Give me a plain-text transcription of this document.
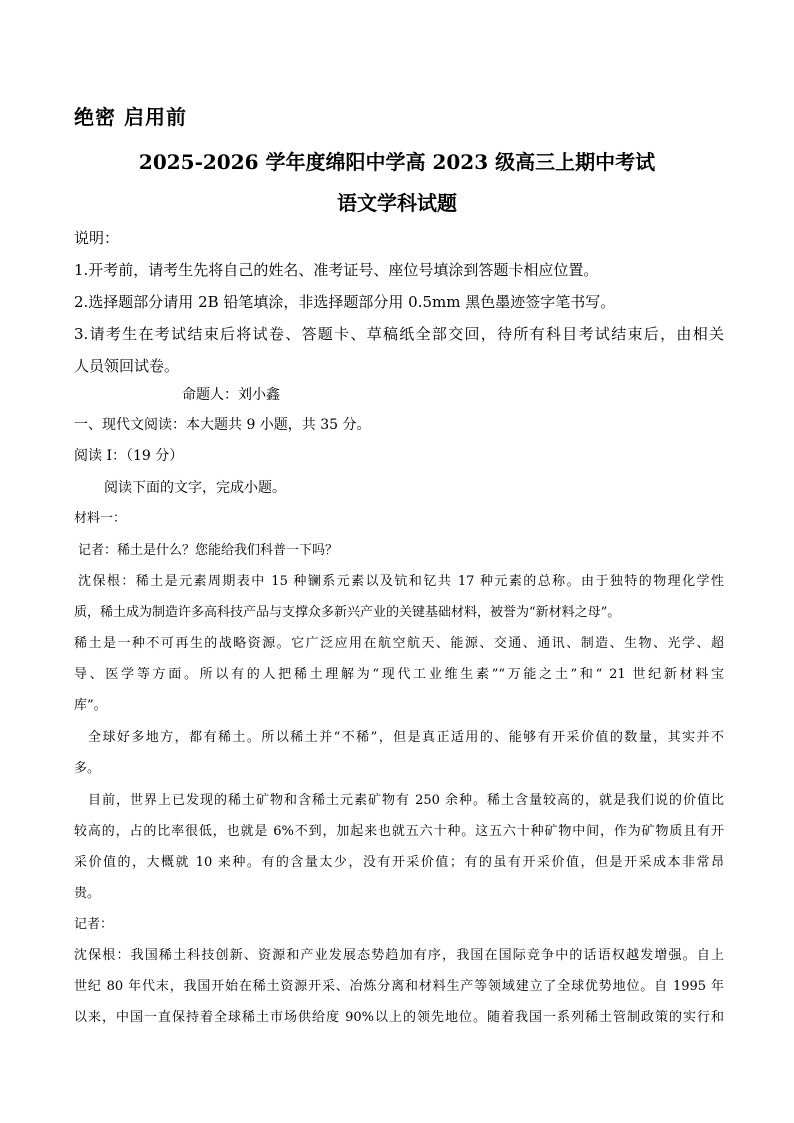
绝密 启用前
2025-2026 学年度绵阳中学高 2023 级高三上期中考试
语文学科试题
说明：
1.开考前，请考生先将自己的姓名、准考证号、座位号填涂到答题卡相应位置。
2.选择题部分请用 2B 铅笔填涂，非选择题部分用 0.5mm 黑色墨迹签字笔书写。
3.请考生在考试结束后将试卷、答题卡、草稿纸全部交回，待所有科目考试结束后，由相关
人员领回试卷。
命题人：刘小鑫
一、现代文阅读：本大题共 9 小题，共 35 分。
阅读 I：（19 分）
阅读下面的文字，完成小题。
材料一：
记者：稀土是什么？您能给我们科普一下吗？
沈保根：稀土是元素周期表中 15 种镧系元素以及钪和钇共 17 种元素的总称。由于独特的物理化学性
质，稀土成为制造许多高科技产品与支撑众多新兴产业的关键基础材料，被誉为“新材料之母”。
稀土是一种不可再生的战略资源。它广泛应用在航空航天、能源、交通、通讯、制造、生物、光学、超
导、医学等方面。所以有的人把稀土理解为“现代工业维生素”“万能之土”和“ 21 世纪新材料宝
库”。
全球好多地方，都有稀土。所以稀土并“不稀”，但是真正适用的、能够有开采价值的数量，其实并不
多。
目前，世界上已发现的稀土矿物和含稀土元素矿物有 250 余种。稀土含量较高的，就是我们说的价值比
较高的，占的比率很低，也就是 6%不到，加起来也就五六十种。这五六十种矿物中间，作为矿物质且有开
采价值的，大概就 10 来种。有的含量太少，没有开采价值；有的虽有开采价值，但是开采成本非常昂
贵。
记者：
沈保根：我国稀土科技创新、资源和产业发展态势趋加有序，我国在国际竞争中的话语权越发增强。自上
世纪 80 年代末，我国开始在稀土资源开采、冶炼分离和材料生产等领域建立了全球优势地位。自 1995 年
以来，中国一直保持着全球稀土市场供给度 90%以上的领先地位。随着我国一系列稀土管制政策的实行和
